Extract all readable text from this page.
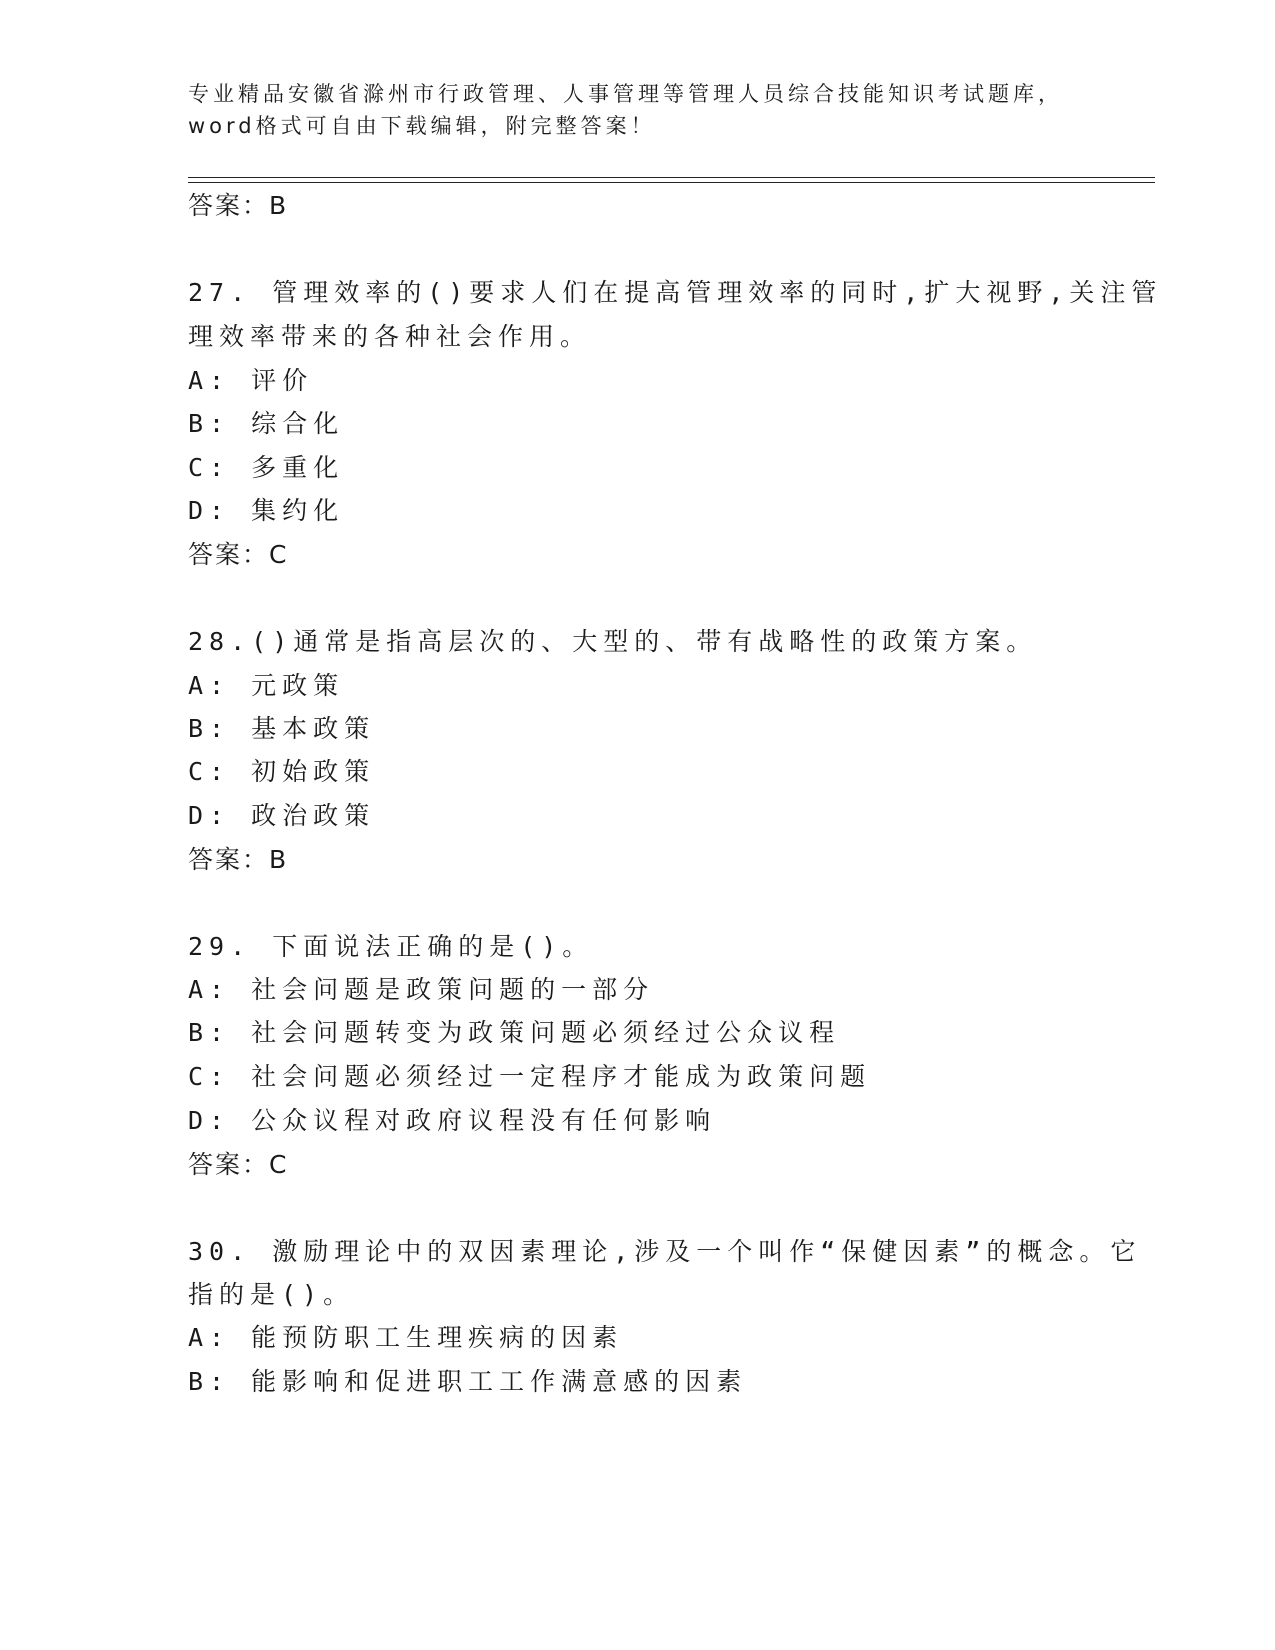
专业精品安徽省滁州市行政管理、人事管理等管理人员综合技能知识考试题库，
word格式可自由下载编辑，附完整答案！
答案：B
27. 管理效率的()要求人们在提高管理效率的同时,扩大视野,关注管
理效率带来的各种社会作用。
A: 评价
B: 综合化
C: 多重化
D: 集约化
答案：C
28.()通常是指高层次的、大型的、带有战略性的政策方案。
A: 元政策
B: 基本政策
C: 初始政策
D: 政治政策
答案：B
29. 下面说法正确的是()。
A: 社会问题是政策问题的一部分
B: 社会问题转变为政策问题必须经过公众议程
C: 社会问题必须经过一定程序才能成为政策问题
D: 公众议程对政府议程没有任何影响
答案：C
30. 激励理论中的双因素理论,涉及一个叫作“保健因素”的概念。它
指的是()。
A: 能预防职工生理疾病的因素
B: 能影响和促进职工工作满意感的因素
